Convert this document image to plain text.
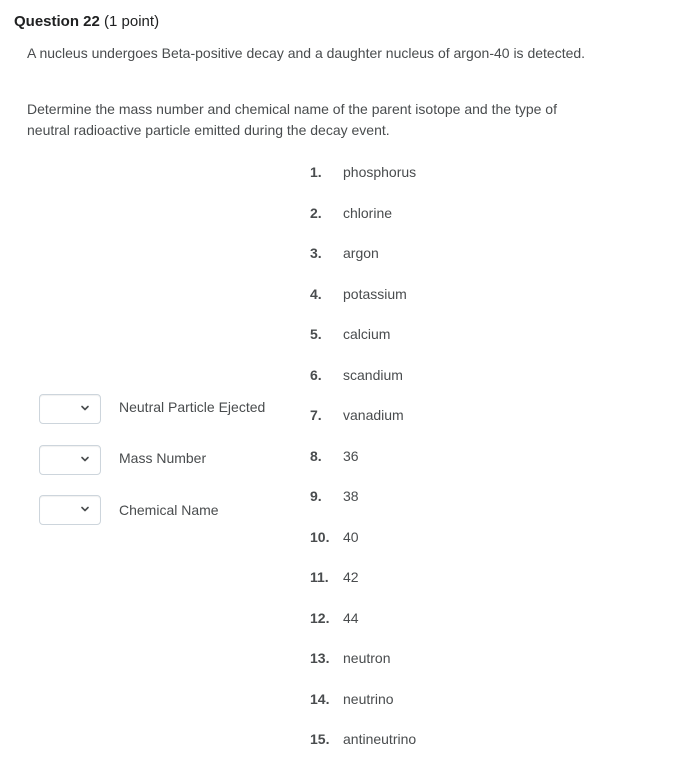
Question 22 (1 point)

A nucleus undergoes Beta-positive decay and a daughter nucleus of argon-40 is detected.

Determine the mass number and chemical name of the parent isotope and the type of neutral radioactive particle emitted during the decay event.

Neutral Particle Ejected
Mass Number
Chemical Name
1. phosphorus
2. chlorine
3. argon
4. potassium
5. calcium
6. scandium
7. vanadium
8. 36
9. 38
10. 40
11. 42
12. 44
13. neutron
14. neutrino
15. antineutrino
